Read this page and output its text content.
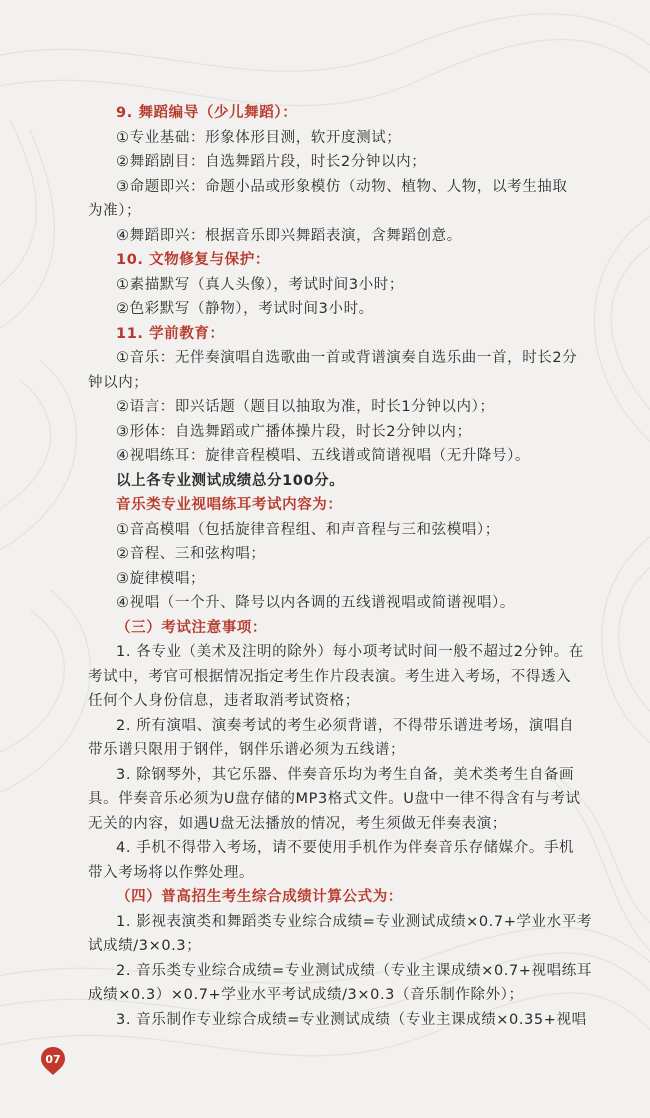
9. 舞蹈编导（少儿舞蹈）：
①专业基础：形象体形目测，软开度测试；
②舞蹈剧目：自选舞蹈片段，时长2分钟以内；
③命题即兴：命题小品或形象模仿（动物、植物、人物，以考生抽取
为准）；
④舞蹈即兴：根据音乐即兴舞蹈表演，含舞蹈创意。
10. 文物修复与保护：
①素描默写（真人头像），考试时间3小时；
②色彩默写（静物），考试时间3小时。
11. 学前教育：
①音乐：无伴奏演唱自选歌曲一首或背谱演奏自选乐曲一首，时长2分
钟以内；
②语言：即兴话题（题目以抽取为准，时长1分钟以内）；
③形体：自选舞蹈或广播体操片段，时长2分钟以内；
④视唱练耳：旋律音程模唱、五线谱或简谱视唱（无升降号）。
以上各专业测试成绩总分100分。
音乐类专业视唱练耳考试内容为：
①音高模唱（包括旋律音程组、和声音程与三和弦模唱）；
②音程、三和弦构唱；
③旋律模唱；
④视唱（一个升、降号以内各调的五线谱视唱或简谱视唱）。
（三）考试注意事项：
1. 各专业（美术及注明的除外）每小项考试时间一般不超过2分钟。在
考试中，考官可根据情况指定考生作片段表演。考生进入考场，不得透入
任何个人身份信息，违者取消考试资格；
2. 所有演唱、演奏考试的考生必须背谱，不得带乐谱进考场，演唱自
带乐谱只限用于钢伴，钢伴乐谱必须为五线谱；
3. 除钢琴外，其它乐器、伴奏音乐均为考生自备，美术类考生自备画
具。伴奏音乐必须为U盘存储的MP3格式文件。U盘中一律不得含有与考试
无关的内容，如遇U盘无法播放的情况，考生须做无伴奏表演；
4. 手机不得带入考场，请不要使用手机作为伴奏音乐存储媒介。手机
带入考场将以作弊处理。
（四）普高招生考生综合成绩计算公式为：
1. 影视表演类和舞蹈类专业综合成绩=专业测试成绩×0.7+学业水平考
试成绩/3×0.3；
2. 音乐类专业综合成绩=专业测试成绩（专业主课成绩×0.7+视唱练耳
成绩×0.3）×0.7+学业水平考试成绩/3×0.3（音乐制作除外）；
3. 音乐制作专业综合成绩=专业测试成绩（专业主课成绩×0.35+视唱
07
